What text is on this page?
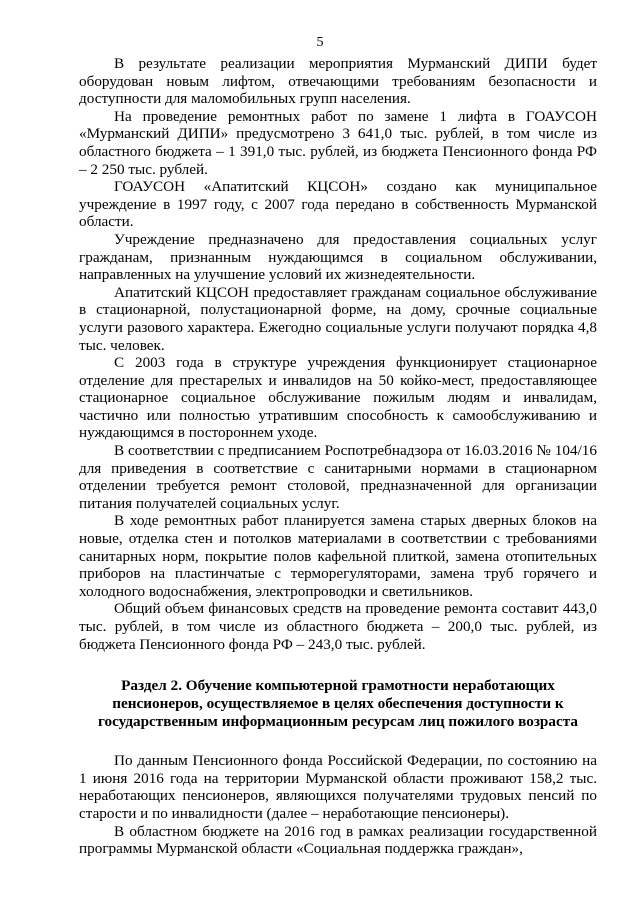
5

В результате реализации мероприятия Мурманский ДИПИ будет оборудован новым лифтом, отвечающими требованиям безопасности и доступности для маломобильных групп населения.

На проведение ремонтных работ по замене 1 лифта в ГОАУСОН «Мурманский ДИПИ» предусмотрено 3 641,0 тыс. рублей, в том числе из областного бюджета – 1 391,0 тыс. рублей, из бюджета Пенсионного фонда РФ – 2 250 тыс. рублей.

ГОАУСОН «Апатитский КЦСОН» создано как муниципальное учреждение в 1997 году, с 2007 года передано в собственность Мурманской области.

Учреждение предназначено для предоставления социальных услуг гражданам, признанным нуждающимся в социальном обслуживании, направленных на улучшение условий их жизнедеятельности.

Апатитский КЦСОН предоставляет гражданам социальное обслуживание в стационарной, полустационарной форме, на дому, срочные социальные услуги разового характера. Ежегодно социальные услуги получают порядка 4,8 тыс. человек.

С 2003 года в структуре учреждения функционирует стационарное отделение для престарелых и инвалидов на 50 койко-мест, предоставляющее стационарное социальное обслуживание пожилым людям и инвалидам, частично или полностью утратившим способность к самообслуживанию и нуждающимся в постороннем уходе.

В соответствии с предписанием Роспотребнадзора от 16.03.2016 № 104/16 для приведения в соответствие с санитарными нормами в стационарном отделении требуется ремонт столовой, предназначенной для организации питания получателей социальных услуг.

В ходе ремонтных работ планируется замена старых дверных блоков на новые, отделка стен и потолков материалами в соответствии с требованиями санитарных норм, покрытие полов кафельной плиткой, замена отопительных приборов на пластинчатые с терморегуляторами, замена труб горячего и холодного водоснабжения, электропроводки и светильников.

Общий объем финансовых средств на проведение ремонта составит 443,0 тыс. рублей, в том числе из областного бюджета – 200,0 тыс. рублей, из бюджета Пенсионного фонда РФ – 243,0 тыс. рублей.

Раздел 2. Обучение компьютерной грамотности неработающих пенсионеров, осуществляемое в целях обеспечения доступности к государственным информационным ресурсам лиц пожилого возраста

По данным Пенсионного фонда Российской Федерации, по состоянию на 1 июня 2016 года на территории Мурманской области проживают 158,2 тыс. неработающих пенсионеров, являющихся получателями трудовых пенсий по старости и по инвалидности (далее – неработающие пенсионеры).

В областном бюджете на 2016 год в рамках реализации государственной программы Мурманской области «Социальная поддержка граждан»,
